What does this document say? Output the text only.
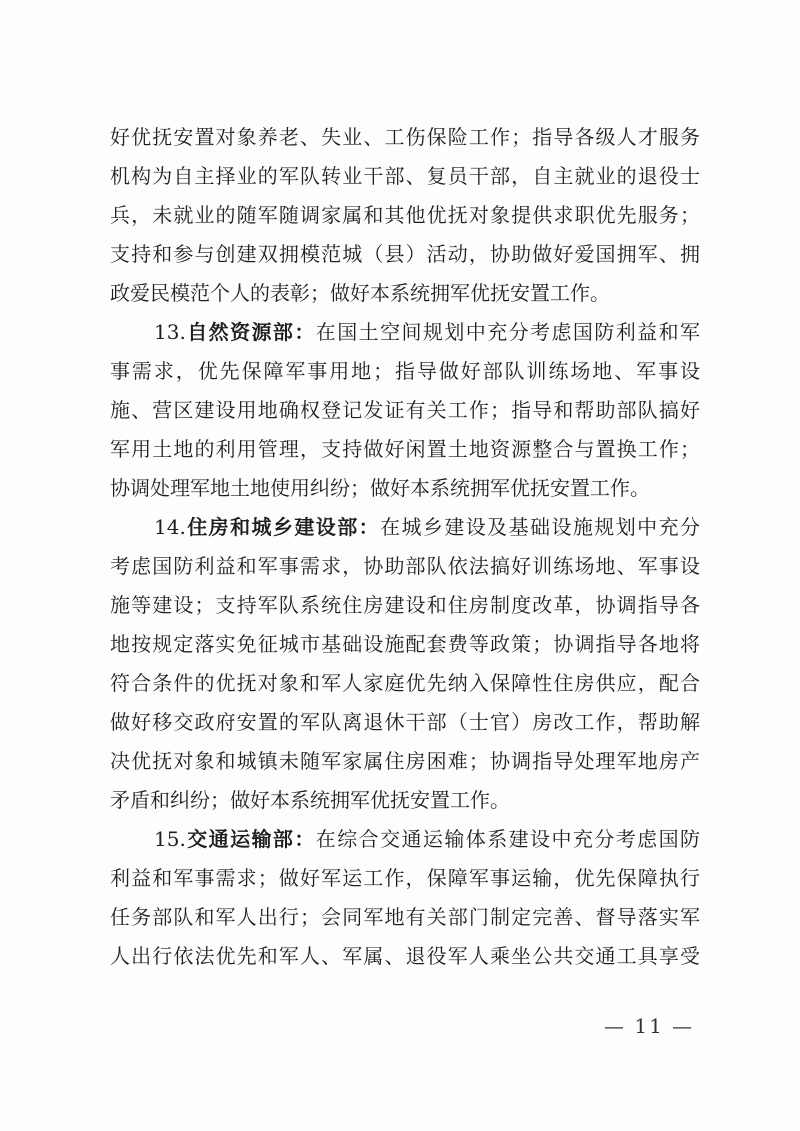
好优抚安置对象养老、失业、工伤保险工作；指导各级人才服务

机构为自主择业的军队转业干部、复员干部，自主就业的退役士

兵，未就业的随军随调家属和其他优抚对象提供求职优先服务；

支持和参与创建双拥模范城（县）活动，协助做好爱国拥军、拥

政爱民模范个人的表彰；做好本系统拥军优抚安置工作。

13.自然资源部：在国土空间规划中充分考虑国防利益和军

事需求，优先保障军事用地；指导做好部队训练场地、军事设

施、营区建设用地确权登记发证有关工作；指导和帮助部队搞好

军用土地的利用管理，支持做好闲置土地资源整合与置换工作；

协调处理军地土地使用纠纷；做好本系统拥军优抚安置工作。

14.住房和城乡建设部：在城乡建设及基础设施规划中充分

考虑国防利益和军事需求，协助部队依法搞好训练场地、军事设

施等建设；支持军队系统住房建设和住房制度改革，协调指导各

地按规定落实免征城市基础设施配套费等政策；协调指导各地将

符合条件的优抚对象和军人家庭优先纳入保障性住房供应，配合

做好移交政府安置的军队离退休干部（士官）房改工作，帮助解

决优抚对象和城镇未随军家属住房困难；协调指导处理军地房产

矛盾和纠纷；做好本系统拥军优抚安置工作。

15.交通运输部：在综合交通运输体系建设中充分考虑国防

利益和军事需求；做好军运工作，保障军事运输，优先保障执行

任务部队和军人出行；会同军地有关部门制定完善、督导落实军

人出行依法优先和军人、军属、退役军人乘坐公共交通工具享受

— 11 —
